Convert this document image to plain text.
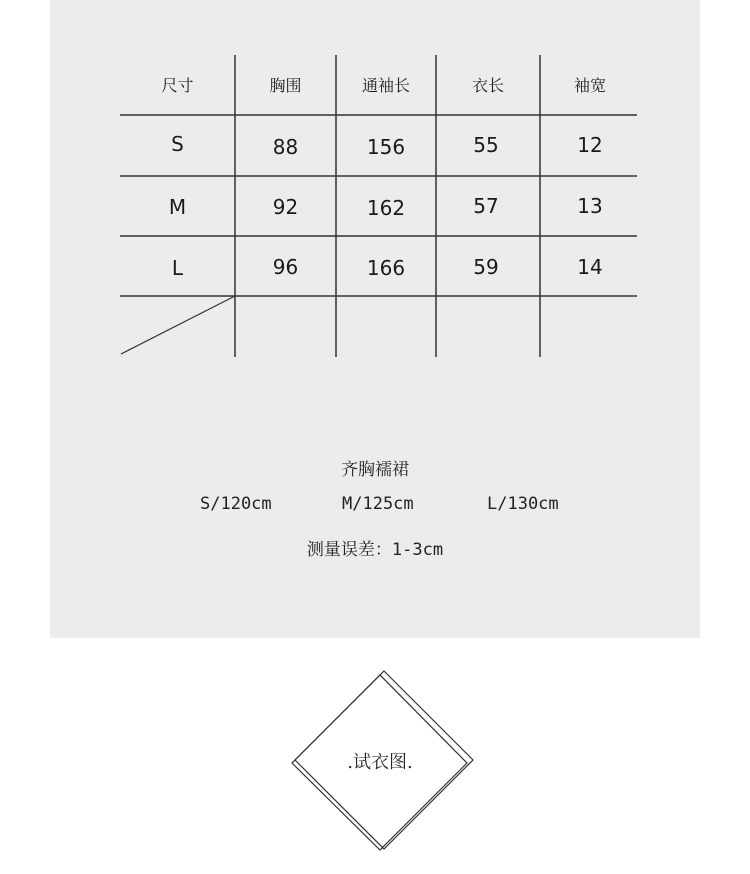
尺寸	胸围	通袖长	衣长	袖宽
S	88	156	55	12
M	92	162	57	13
L	96	166	59	14
齐胸襦裙
S/120cm	M/125cm	L/130cm
测量误差：1-3cm
.试衣图.
